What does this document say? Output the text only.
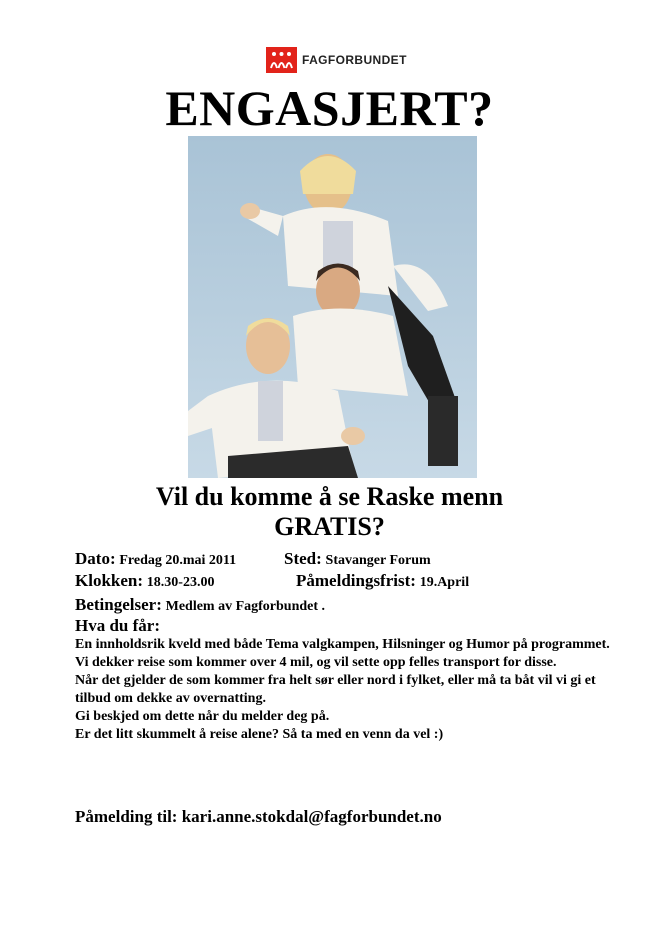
FAGFORBUNDET
ENGASJERT?
Vil du komme å se Raske menn
GRATIS?
Dato: Fredag 20.mai 2011	Sted: Stavanger Forum
Klokken: 18.30-23.00	Påmeldingsfrist: 19.April
Betingelser: Medlem av Fagforbundet .
Hva du får:

En innholdsrik kveld med både Tema valgkampen, Hilsninger og Humor på programmet.

Vi dekker reise som kommer over 4 mil, og vil sette opp felles transport for disse.

Når det gjelder de som kommer fra helt sør eller nord i fylket, eller må ta båt vil vi gi et tilbud om dekke av overnatting.

Gi beskjed om dette når du melder deg på.

Er det litt skummelt å reise alene? Så ta med en venn da vel :)

Påmelding til: kari.anne.stokdal@fagforbundet.no
